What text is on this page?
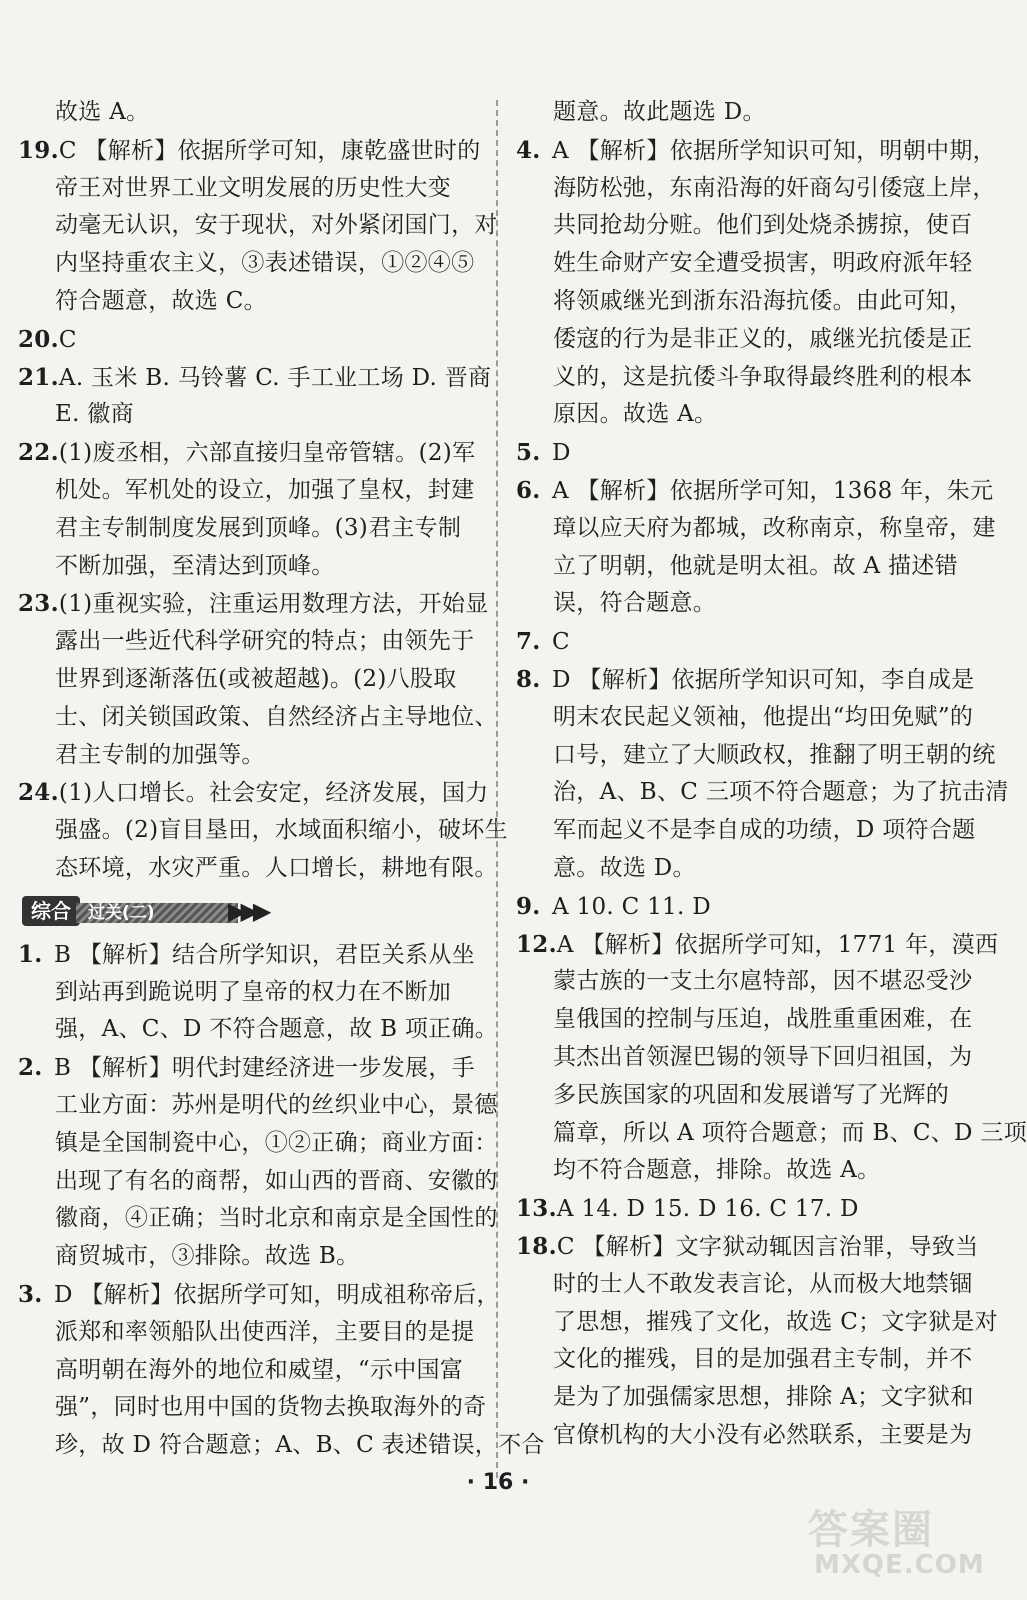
故选 A。
19.C 【解析】依据所学可知，康乾盛世时的
帝王对世界工业文明发展的历史性大变
动毫无认识，安于现状，对外紧闭国门，对
内坚持重农主义，③表述错误，①②④⑤
符合题意，故选 C。
20.C
21.A. 玉米 B. 马铃薯 C. 手工业工场 D. 晋商
E. 徽商
22.(1)废丞相，六部直接归皇帝管辖。(2)军
机处。军机处的设立，加强了皇权，封建
君主专制制度发展到顶峰。(3)君主专制
不断加强，至清达到顶峰。
23.(1)重视实验，注重运用数理方法，开始显
露出一些近代科学研究的特点；由领先于
世界到逐渐落伍(或被超越)。(2)八股取
士、闭关锁国政策、自然经济占主导地位、
君主专制的加强等。
24.(1)人口增长。社会安定，经济发展，国力
强盛。(2)盲目垦田，水域面积缩小，破坏生
态环境，水灾严重。人口增长，耕地有限。
综合	过关(二)	▶▶▶
1. B 【解析】结合所学知识，君臣关系从坐
到站再到跪说明了皇帝的权力在不断加
强，A、C、D 不符合题意，故 B 项正确。
2. B 【解析】明代封建经济进一步发展，手
工业方面：苏州是明代的丝织业中心，景德
镇是全国制瓷中心，①②正确；商业方面：
出现了有名的商帮，如山西的晋商、安徽的
徽商，④正确；当时北京和南京是全国性的
商贸城市，③排除。故选 B。
3. D 【解析】依据所学可知，明成祖称帝后，
派郑和率领船队出使西洋，主要目的是提
高明朝在海外的地位和威望，“示中国富
强”，同时也用中国的货物去换取海外的奇
珍，故 D 符合题意；A、B、C 表述错误，不合
题意。故此题选 D。
4. A 【解析】依据所学知识可知，明朝中期，
海防松弛，东南沿海的奸商勾引倭寇上岸，
共同抢劫分赃。他们到处烧杀掳掠，使百
姓生命财产安全遭受损害，明政府派年轻
将领戚继光到浙东沿海抗倭。由此可知，
倭寇的行为是非正义的，戚继光抗倭是正
义的，这是抗倭斗争取得最终胜利的根本
原因。故选 A。
5. D
6. A 【解析】依据所学可知，1368 年，朱元
璋以应天府为都城，改称南京，称皇帝，建
立了明朝，他就是明太祖。故 A 描述错
误，符合题意。
7. C
8. D 【解析】依据所学知识可知，李自成是
明末农民起义领袖，他提出“均田免赋”的
口号，建立了大顺政权，推翻了明王朝的统
治，A、B、C 三项不符合题意；为了抗击清
军而起义不是李自成的功绩，D 项符合题
意。故选 D。
9. A 10. C 11. D
12.A 【解析】依据所学可知，1771 年，漠西
蒙古族的一支土尔扈特部，因不堪忍受沙
皇俄国的控制与压迫，战胜重重困难，在
其杰出首领渥巴锡的领导下回归祖国，为
多民族国家的巩固和发展谱写了光辉的
篇章，所以 A 项符合题意；而 B、C、D 三项
均不符合题意，排除。故选 A。
13.A 14. D 15. D 16. C 17. D
18.C 【解析】文字狱动辄因言治罪，导致当
时的士人不敢发表言论，从而极大地禁锢
了思想，摧残了文化，故选 C；文字狱是对
文化的摧残，目的是加强君主专制，并不
是为了加强儒家思想，排除 A；文字狱和
官僚机构的大小没有必然联系，主要是为
· 16 ·
答案圈
MXQE.COM
